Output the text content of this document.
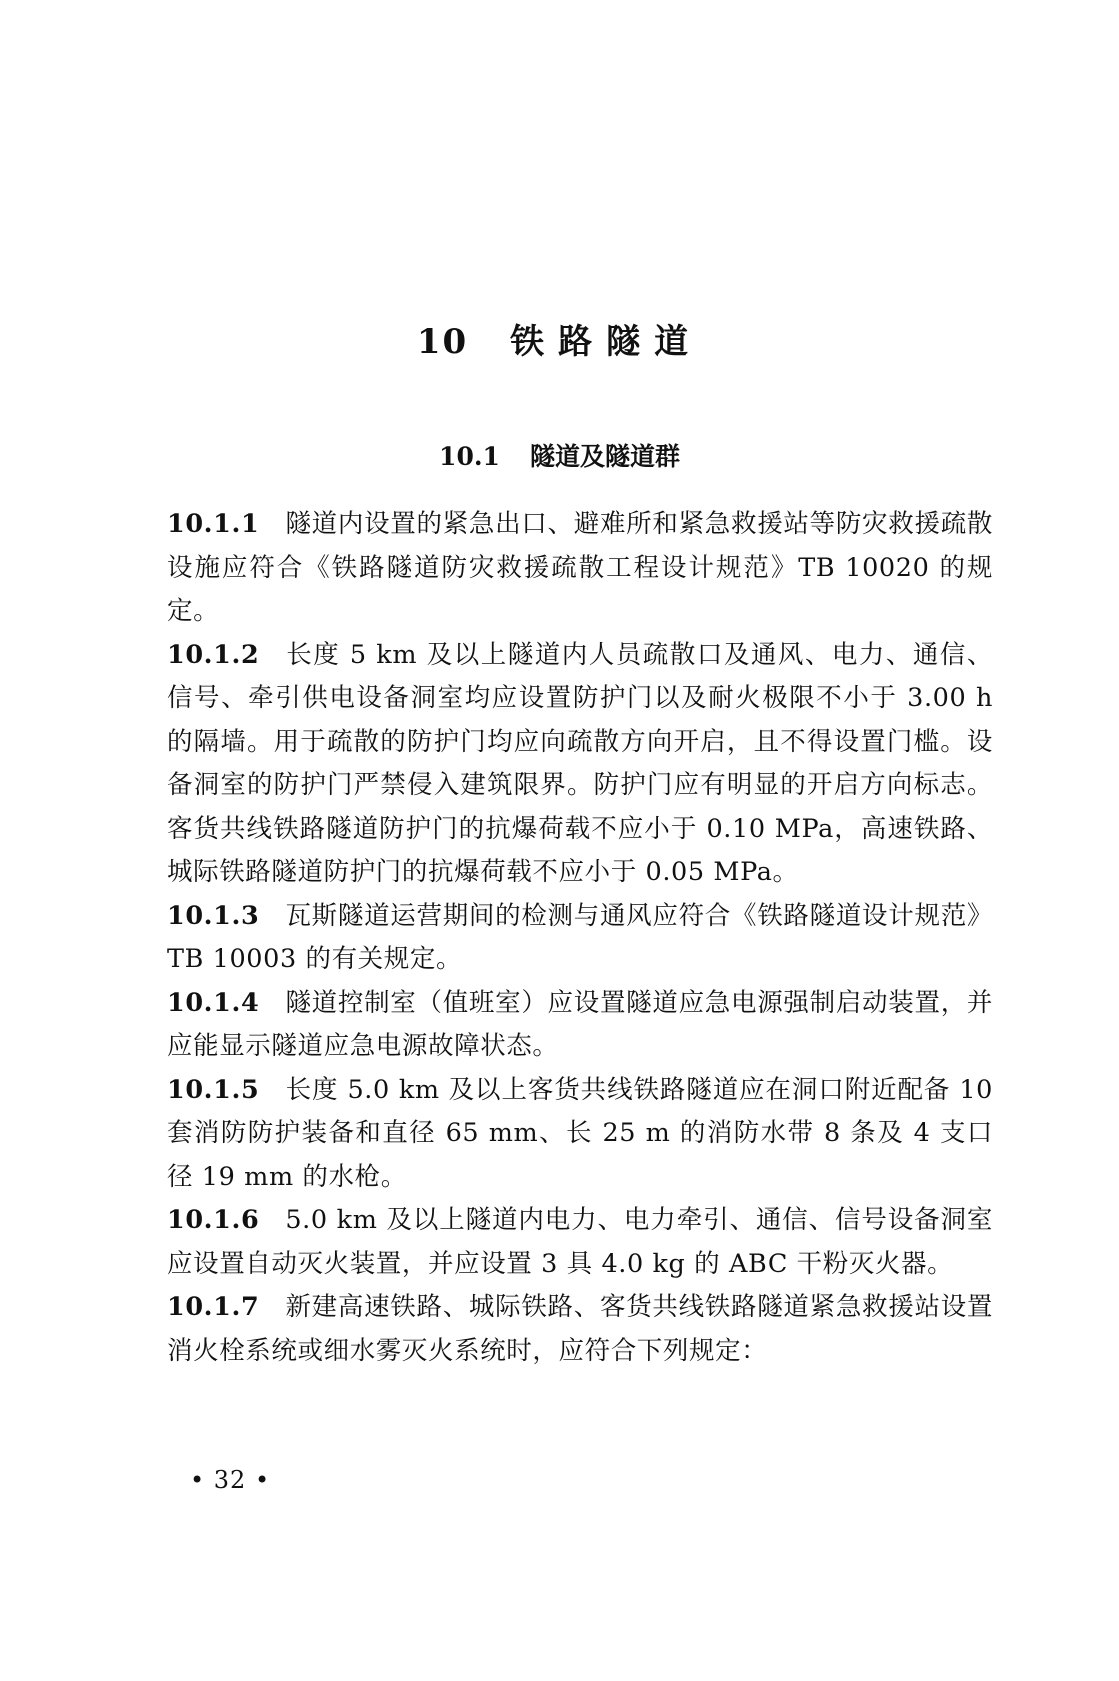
10 铁路隧道
10.1 隧道及隧道群

10.1.1 隧道内设置的紧急出口、避难所和紧急救援站等防灾救援疏散设施应符合《铁路隧道防灾救援疏散工程设计规范》TB 10020 的规定。

10.1.2 长度 5 km 及以上隧道内人员疏散口及通风、电力、通信、信号、牵引供电设备洞室均应设置防护门以及耐火极限不小于 3.00 h 的隔墙。用于疏散的防护门均应向疏散方向开启，且不得设置门槛。设备洞室的防护门严禁侵入建筑限界。防护门应有明显的开启方向标志。客货共线铁路隧道防护门的抗爆荷载不应小于 0.10 MPa，高速铁路、城际铁路隧道防护门的抗爆荷载不应小于 0.05 MPa。

10.1.3 瓦斯隧道运营期间的检测与通风应符合《铁路隧道设计规范》TB 10003 的有关规定。

10.1.4 隧道控制室（值班室）应设置隧道应急电源强制启动装置，并应能显示隧道应急电源故障状态。

10.1.5 长度 5.0 km 及以上客货共线铁路隧道应在洞口附近配备 10 套消防防护装备和直径 65 mm、长 25 m 的消防水带 8 条及 4 支口径 19 mm 的水枪。

10.1.6 5.0 km 及以上隧道内电力、电力牵引、通信、信号设备洞室应设置自动灭火装置，并应设置 3 具 4.0 kg 的 ABC 干粉灭火器。

10.1.7 新建高速铁路、城际铁路、客货共线铁路隧道紧急救援站设置消火栓系统或细水雾灭火系统时，应符合下列规定：

• 32 •
